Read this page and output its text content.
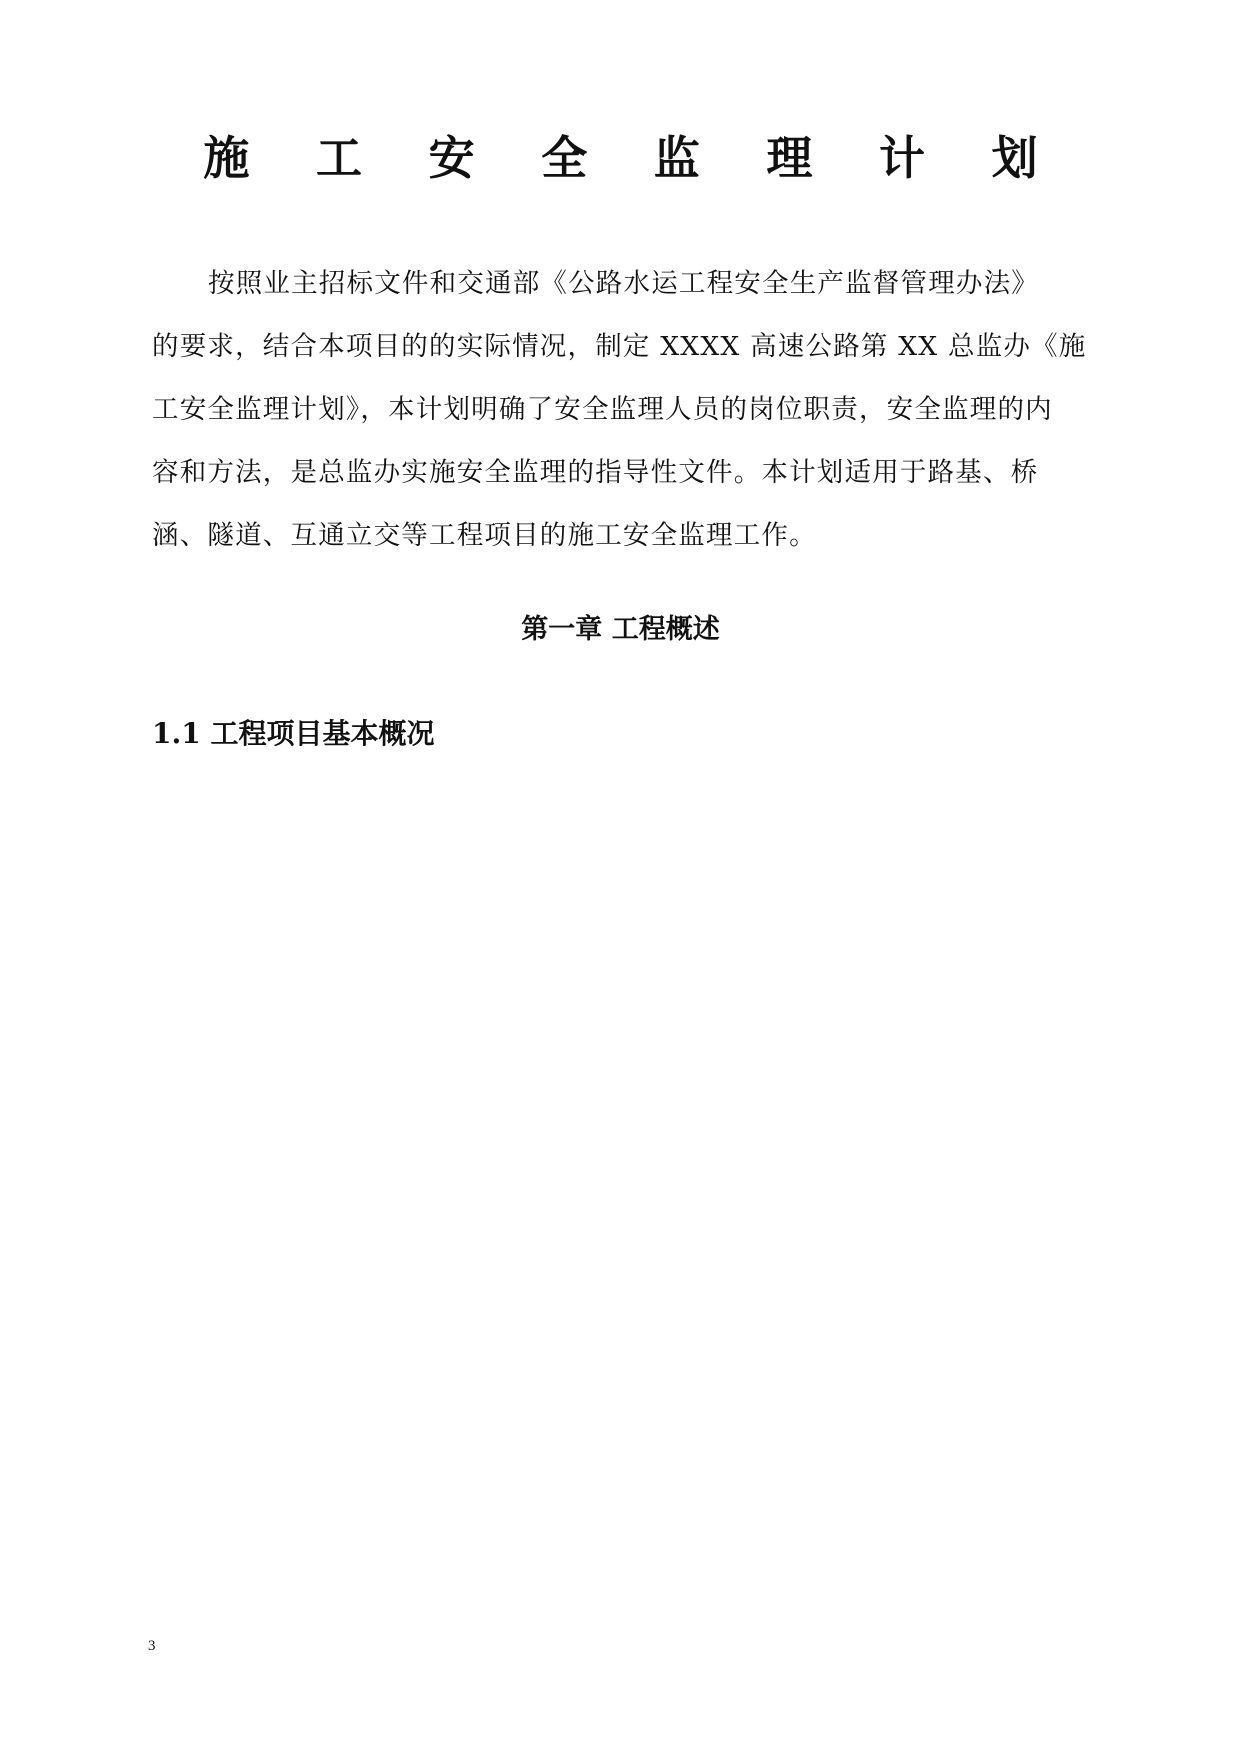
施 工 安 全 监 理 计 划
按照业主招标文件和交通部《公路水运工程安全生产监督管理办法》
的要求，结合本项目的的实际情况，制定 XXXX 高速公路第 XX 总监办《施
工安全监理计划》，本计划明确了安全监理人员的岗位职责，安全监理的内
容和方法，是总监办实施安全监理的指导性文件。本计划适用于路基、桥
涵、隧道、互通立交等工程项目的施工安全监理工作。
第一章 工程概述
1.1 工程项目基本概况
3
